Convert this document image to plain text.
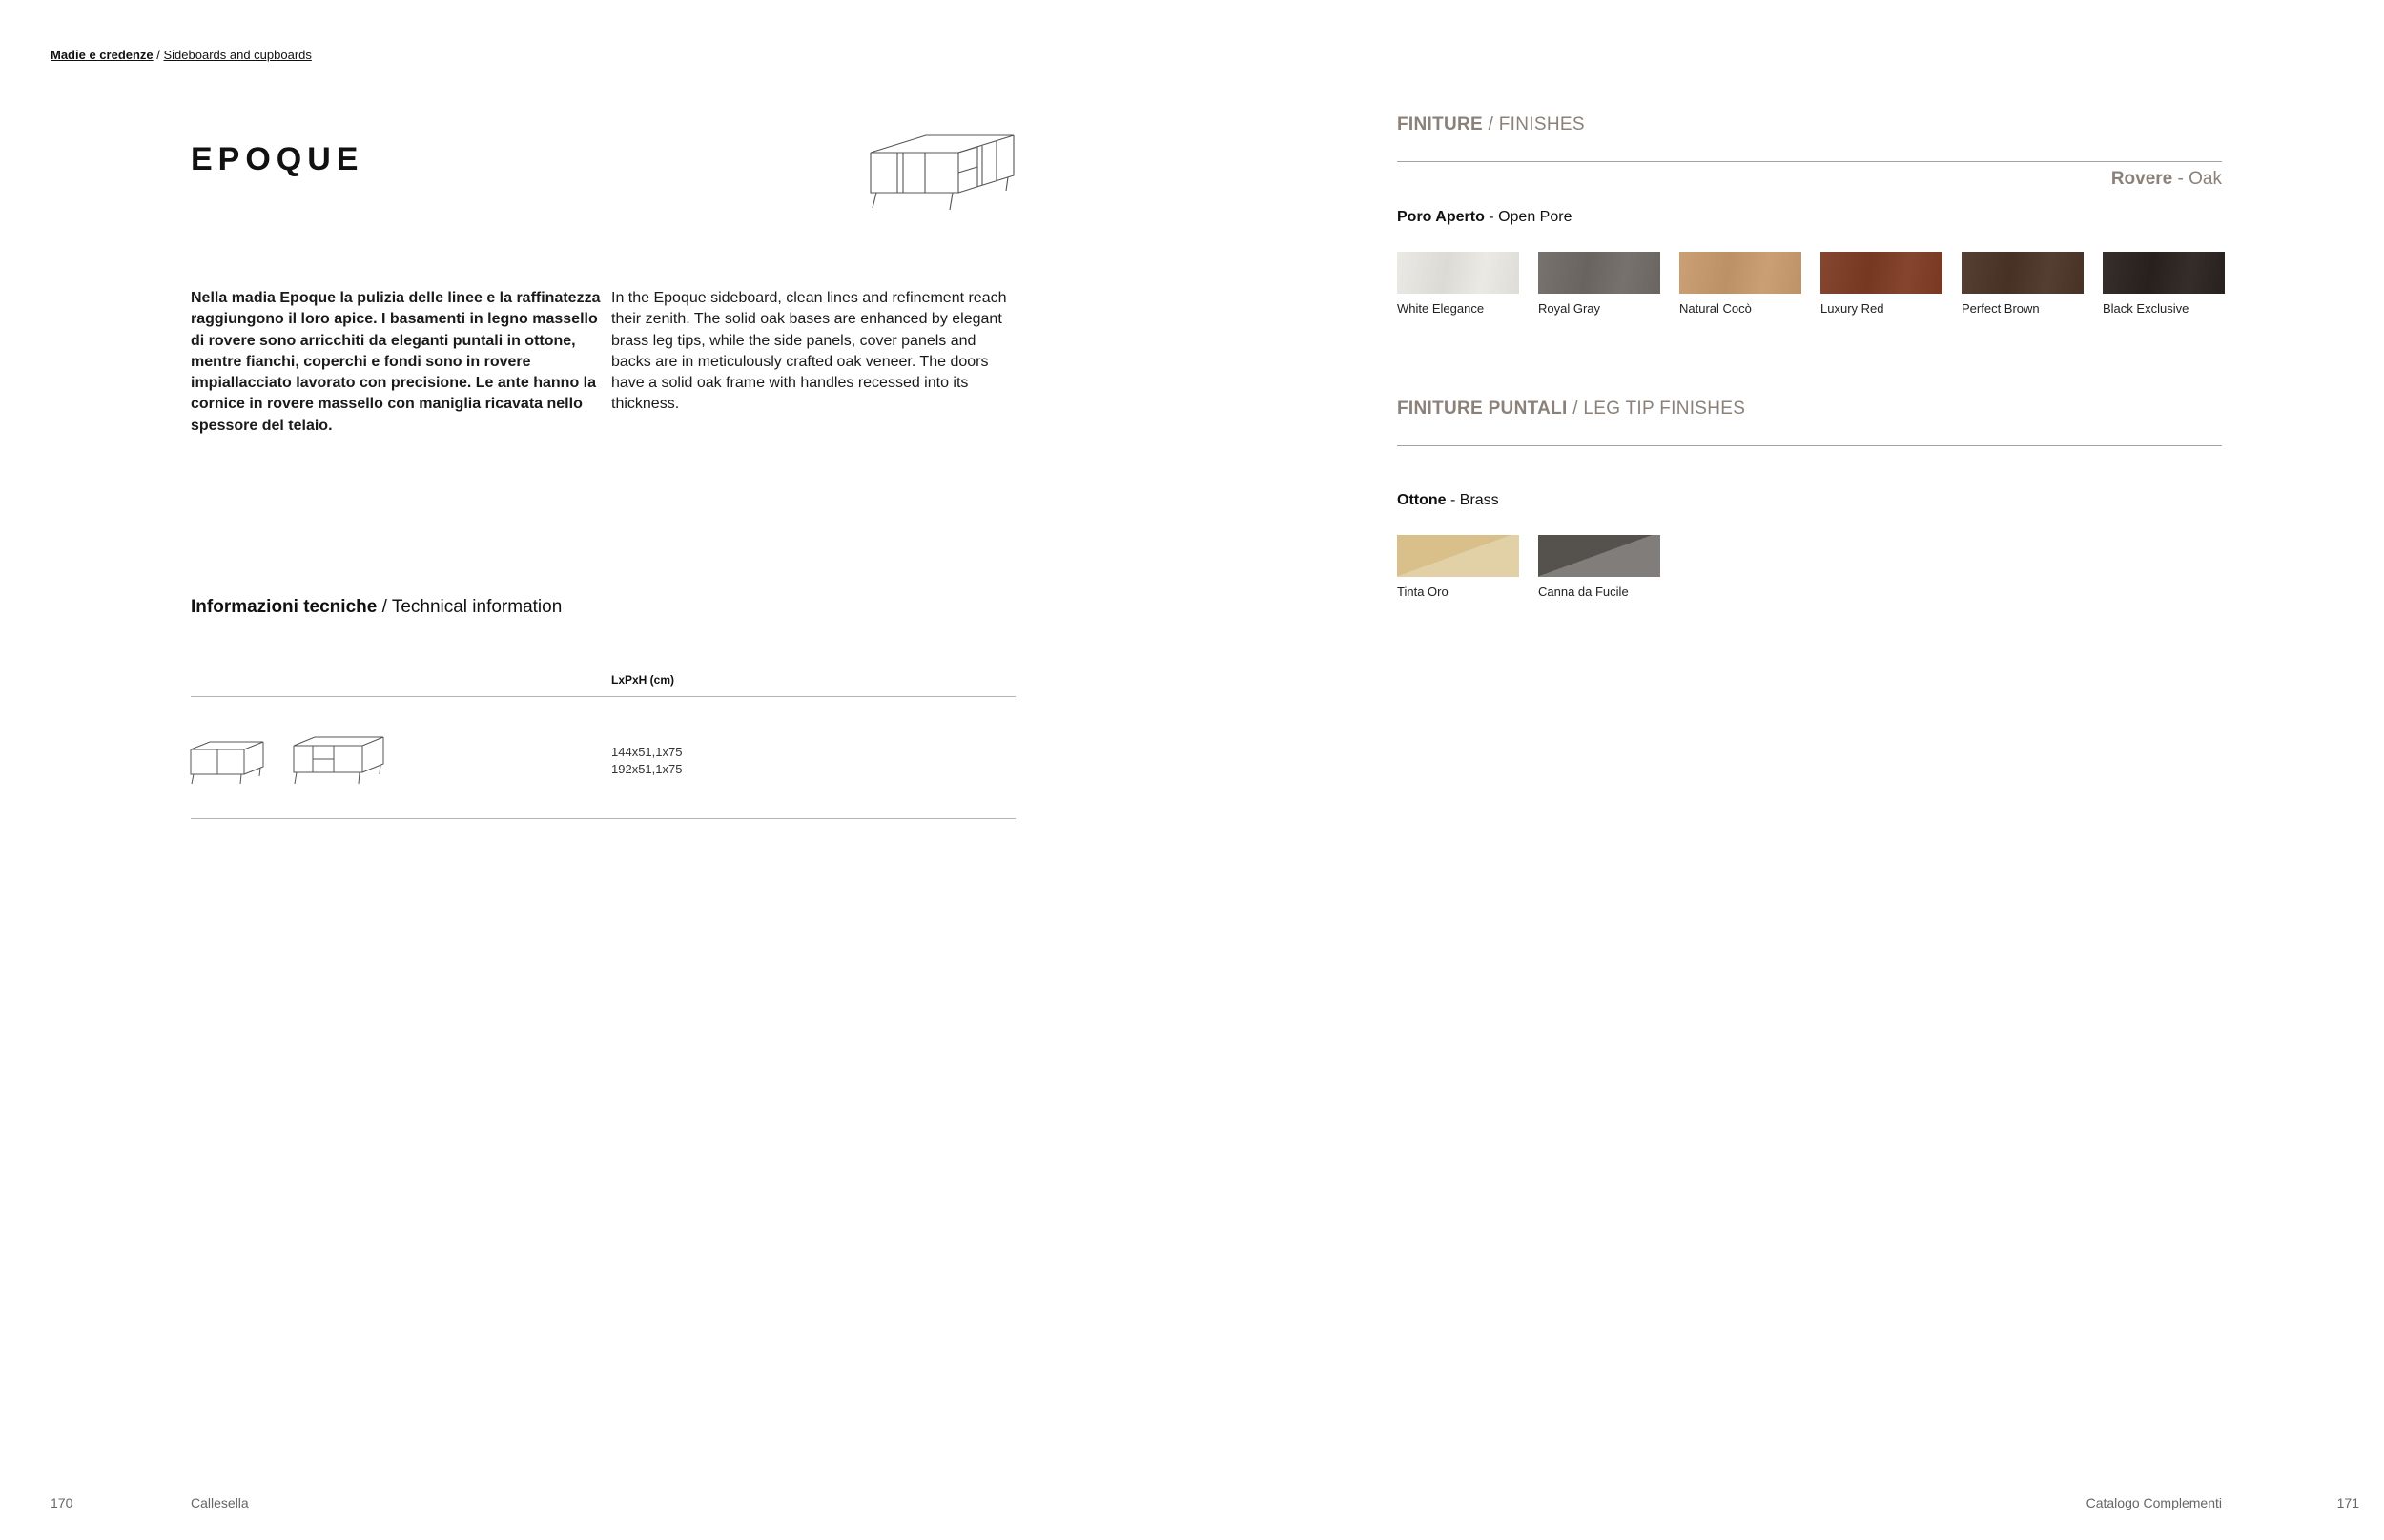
Madie e credenze / Sideboards and cupboards
EPOQUE
Nella madia Epoque la pulizia delle linee e la raffinatezza raggiungono il loro apice. I basamenti in legno massello di rovere sono arricchiti da eleganti puntali in ottone, mentre fianchi, coperchi e fondi sono in rovere impiallacciato lavorato con precisione. Le ante hanno la cornice in rovere massello con maniglia ricavata nello spessore del telaio.
In the Epoque sideboard, clean lines and refinement reach their zenith. The solid oak bases are enhanced by elegant brass leg tips, while the side panels, cover panels and backs are in meticulously crafted oak veneer. The doors have a solid oak frame with handles recessed into its thickness.
Informazioni tecniche / Technical information
LxPxH (cm)
144x51,1x75
192x51,1x75
FINITURE / FINISHES
Rovere - Oak
Poro Aperto - Open Pore
White Elegance	Royal Gray	Natural Cocò	Luxury Red	Perfect Brown	Black Exclusive
FINITURE PUNTALI / LEG TIP FINISHES
Ottone - Brass
Tinta Oro	Canna da Fucile
170	Callesella	Catalogo Complementi	171
